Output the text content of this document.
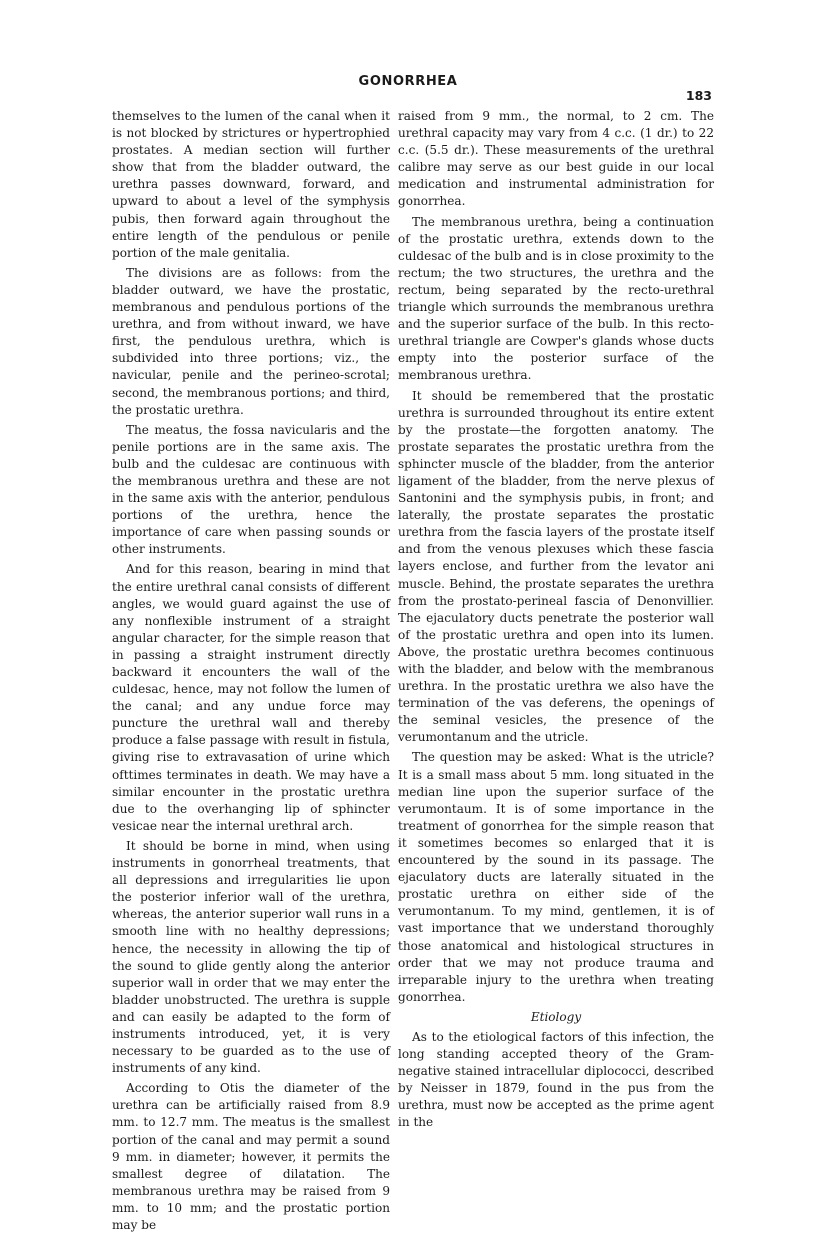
GONORRHEA
183

themselves to the lumen of the canal when it is not blocked by strictures or hypertrophied prostates. A median section will further show that from the bladder outward, the urethra passes downward, forward, and upward to about a level of the symphysis pubis, then forward again throughout the entire length of the pendulous or penile portion of the male genitalia.

The divisions are as follows: from the bladder outward, we have the prostatic, membranous and pendulous portions of the urethra, and from without inward, we have first, the pendulous urethra, which is subdivided into three portions; viz., the navicular, penile and the perineo-scrotal; second, the membranous portions; and third, the prostatic urethra.

The meatus, the fossa navicularis and the penile portions are in the same axis. The bulb and the culdesac are continuous with the membranous urethra and these are not in the same axis with the anterior, pendulous portions of the urethra, hence the importance of care when passing sounds or other instruments.

And for this reason, bearing in mind that the entire urethral canal consists of different angles, we would guard against the use of any nonflexible instrument of a straight angular character, for the simple reason that in passing a straight instrument directly backward it encounters the wall of the culdesac, hence, may not follow the lumen of the canal; and any undue force may puncture the urethral wall and thereby produce a false passage with result in fistula, giving rise to extravasation of urine which ofttimes terminates in death. We may have a similar encounter in the prostatic urethra due to the overhanging lip of sphincter vesicae near the internal urethral arch.

It should be borne in mind, when using instruments in gonorrheal treatments, that all depressions and irregularities lie upon the posterior inferior wall of the urethra, whereas, the anterior superior wall runs in a smooth line with no healthy depressions; hence, the necessity in allowing the tip of the sound to glide gently along the anterior superior wall in order that we may enter the bladder unobstructed. The urethra is supple and can easily be adapted to the form of instruments introduced, yet, it is very necessary to be guarded as to the use of instruments of any kind.

According to Otis the diameter of the urethra can be artificially raised from 8.9 mm. to 12.7 mm. The meatus is the smallest portion of the canal and may permit a sound 9 mm. in diameter; however, it permits the smallest degree of dilatation. The membranous urethra may be raised from 9 mm. to 10 mm; and the prostatic portion may be

raised from 9 mm., the normal, to 2 cm. The urethral capacity may vary from 4 c.c. (1 dr.) to 22 c.c. (5.5 dr.). These measurements of the urethral calibre may serve as our best guide in our local medication and instrumental administration for gonorrhea.

The membranous urethra, being a continuation of the prostatic urethra, extends down to the culdesac of the bulb and is in close proximity to the rectum; the two structures, the urethra and the rectum, being separated by the recto-urethral triangle which surrounds the membranous urethra and the superior surface of the bulb. In this recto-urethral triangle are Cowper's glands whose ducts empty into the posterior surface of the membranous urethra.

It should be remembered that the prostatic urethra is surrounded throughout its entire extent by the prostate—the forgotten anatomy. The prostate separates the prostatic urethra from the sphincter muscle of the bladder, from the anterior ligament of the bladder, from the nerve plexus of Santonini and the symphysis pubis, in front; and laterally, the prostate separates the prostatic urethra from the fascia layers of the prostate itself and from the venous plexuses which these fascia layers enclose, and further from the levator ani muscle. Behind, the prostate separates the urethra from the prostato-perineal fascia of Denonvillier. The ejaculatory ducts penetrate the posterior wall of the prostatic urethra and open into its lumen. Above, the prostatic urethra becomes continuous with the bladder, and below with the membranous urethra. In the prostatic urethra we also have the termination of the vas deferens, the openings of the seminal vesicles, the presence of the verumontanum and the utricle.

The question may be asked: What is the utricle? It is a small mass about 5 mm. long situated in the median line upon the superior surface of the verumontaum. It is of some importance in the treatment of gonorrhea for the simple reason that it sometimes becomes so enlarged that it is encountered by the sound in its passage. The ejaculatory ducts are laterally situated in the prostatic urethra on either side of the verumontanum. To my mind, gentlemen, it is of vast importance that we understand thoroughly those anatomical and histological structures in order that we may not produce trauma and irreparable injury to the urethra when treating gonorrhea.

Etiology

As to the etiological factors of this infection, the long standing accepted theory of the Gram-negative stained intracellular diplococci, described by Neisser in 1879, found in the pus from the urethra, must now be accepted as the prime agent in the
